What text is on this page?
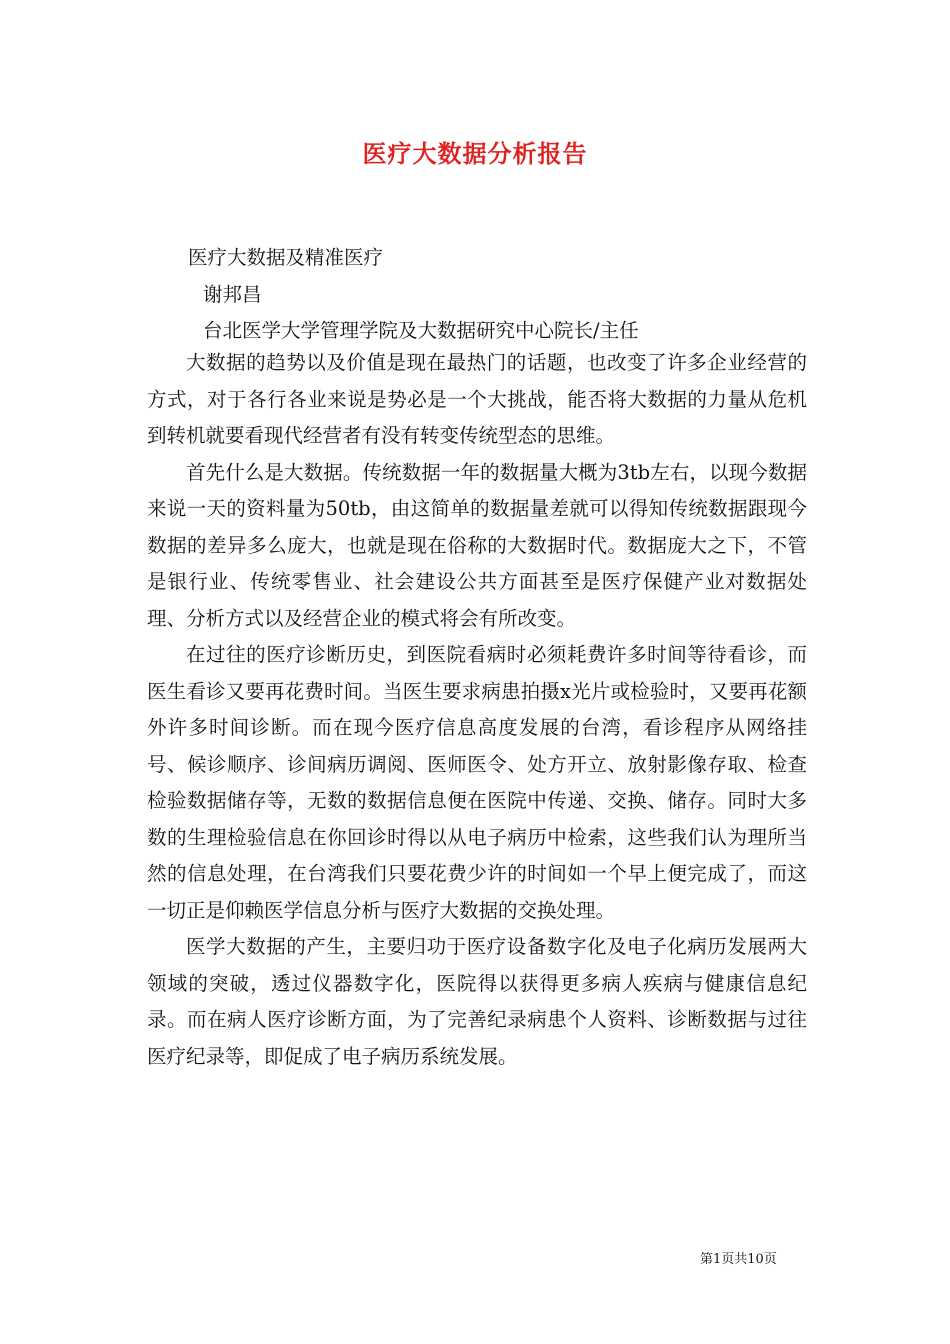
医疗大数据分析报告
医疗大数据及精准医疗
谢邦昌
台北医学大学管理学院及大数据研究中心院长/主任

大数据的趋势以及价值是现在最热门的话题，也改变了许多企业经营的方式，对于各行各业来说是势必是一个大挑战，能否将大数据的力量从危机到转机就要看现代经营者有没有转变传统型态的思维。

首先什么是大数据。传统数据一年的数据量大概为3tb左右，以现今数据来说一天的资料量为50tb，由这简单的数据量差就可以得知传统数据跟现今数据的差异多么庞大，也就是现在俗称的大数据时代。数据庞大之下，不管是银行业、传统零售业、社会建设公共方面甚至是医疗保健产业对数据处理、分析方式以及经营企业的模式将会有所改变。

在过往的医疗诊断历史，到医院看病时必须耗费许多时间等待看诊，而医生看诊又要再花费时间。当医生要求病患拍摄x光片或检验时，又要再花额外许多时间诊断。而在现今医疗信息高度发展的台湾，看诊程序从网络挂号、候诊顺序、诊间病历调阅、医师医令、处方开立、放射影像存取、检查检验数据储存等，无数的数据信息便在医院中传递、交换、储存。同时大多数的生理检验信息在你回诊时得以从电子病历中检索，这些我们认为理所当然的信息处理，在台湾我们只要花费少许的时间如一个早上便完成了，而这一切正是仰赖医学信息分析与医疗大数据的交换处理。

医学大数据的产生，主要归功于医疗设备数字化及电子化病历发展两大领域的突破，透过仪器数字化，医院得以获得更多病人疾病与健康信息纪录。而在病人医疗诊断方面，为了完善纪录病患个人资料、诊断数据与过往医疗纪录等，即促成了电子病历系统发展。

第1页共10页
